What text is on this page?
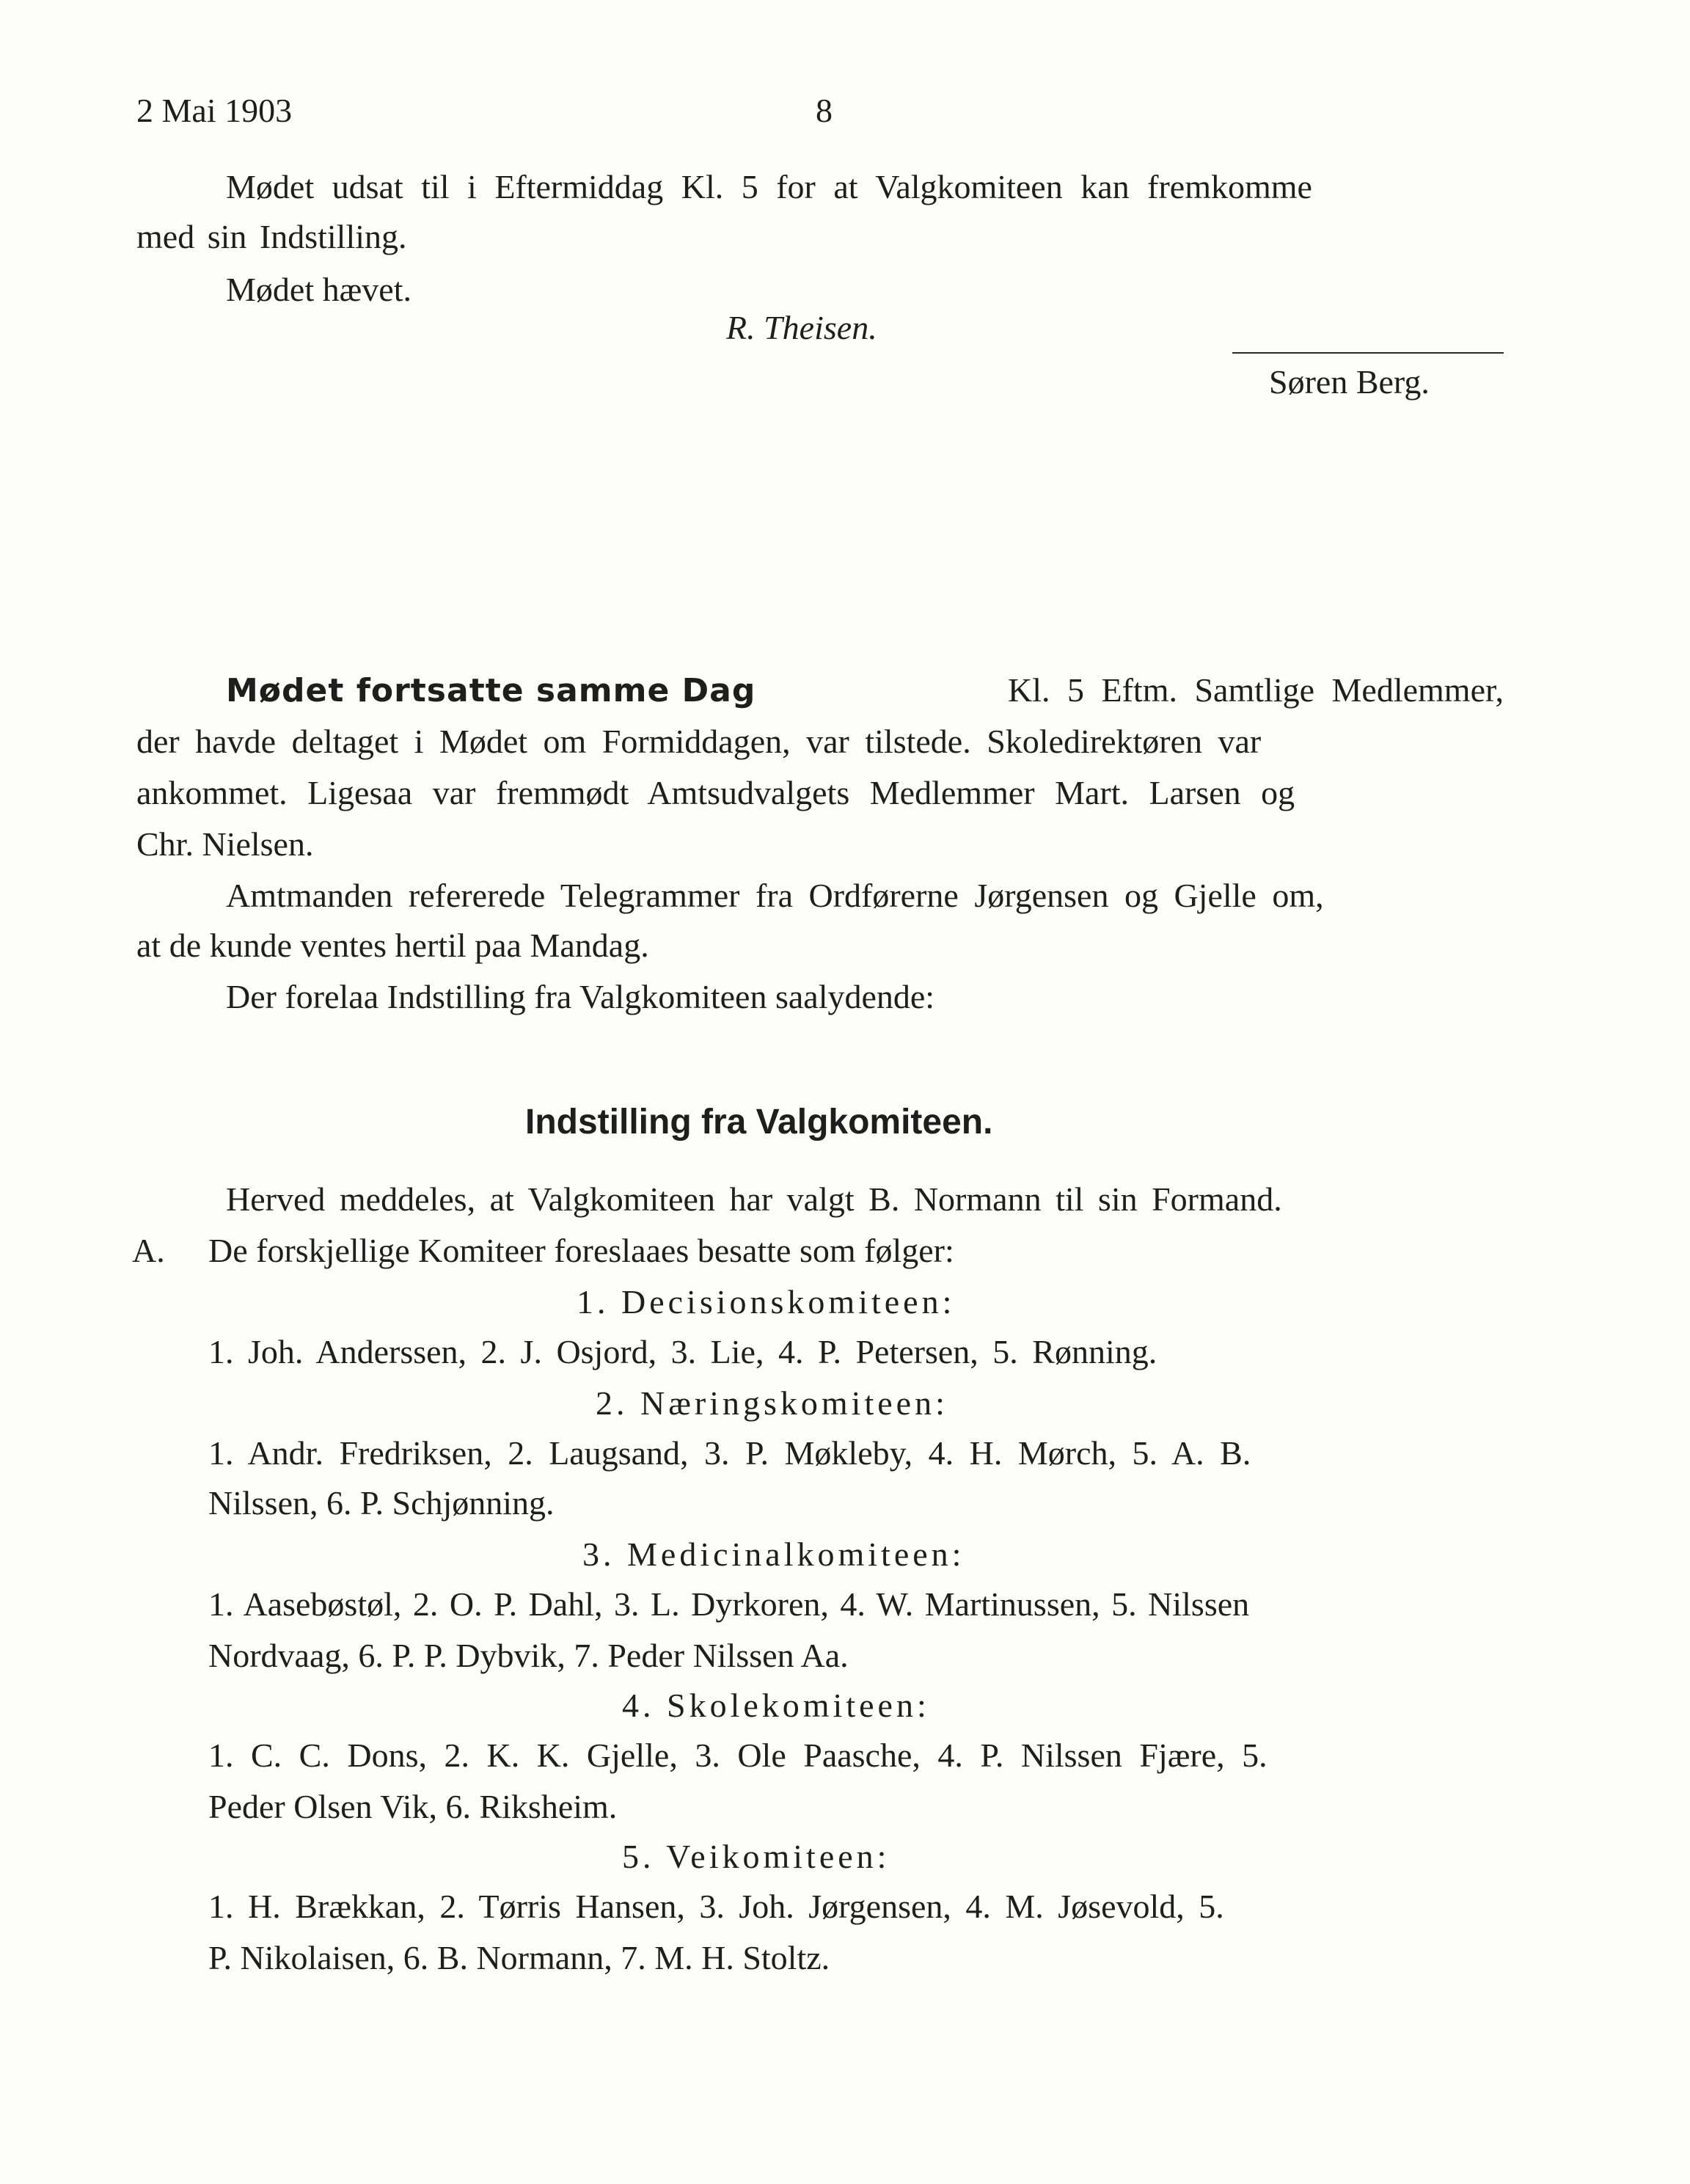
2 Mai 1903	8
Mødet udsat til i Eftermiddag Kl. 5 for at Valgkomiteen kan fremkomme
med sin Indstilling.
Mødet hævet.
R. Theisen.
Søren Berg.
Mødet fortsatte samme Dag	Kl. 5 Eftm. Samtlige Medlemmer,
der havde deltaget i Mødet om Formiddagen, var tilstede. Skoledirektøren var
ankommet. Ligesaa var fremmødt Amtsudvalgets Medlemmer Mart. Larsen og
Chr. Nielsen.
Amtmanden refererede Telegrammer fra Ordførerne Jørgensen og Gjelle om,
at de kunde ventes hertil paa Mandag.
Der forelaa Indstilling fra Valgkomiteen saalydende:
Indstilling fra Valgkomiteen.
Herved meddeles, at Valgkomiteen har valgt B. Normann til sin Formand.
A. De forskjellige Komiteer foreslaaes besatte som følger:
1. Decisionskomiteen:
1. Joh. Anderssen, 2. J. Osjord, 3. Lie, 4. P. Petersen, 5. Rønning.
2. Næringskomiteen:
1. Andr. Fredriksen, 2. Laugsand, 3. P. Møkleby, 4. H. Mørch, 5. A. B.
Nilssen, 6. P. Schjønning.
3. Medicinalkomiteen:
1. Aasebøstøl, 2. O. P. Dahl, 3. L. Dyrkoren, 4. W. Martinussen, 5. Nilssen
Nordvaag, 6. P. P. Dybvik, 7. Peder Nilssen Aa.
4. Skolekomiteen:
1. C. C. Dons, 2. K. K. Gjelle, 3. Ole Paasche, 4. P. Nilssen Fjære, 5.
Peder Olsen Vik, 6. Riksheim.
5. Veikomiteen:
1. H. Brækkan, 2. Tørris Hansen, 3. Joh. Jørgensen, 4. M. Jøsevold, 5.
P. Nikolaisen, 6. B. Normann, 7. M. H. Stoltz.
